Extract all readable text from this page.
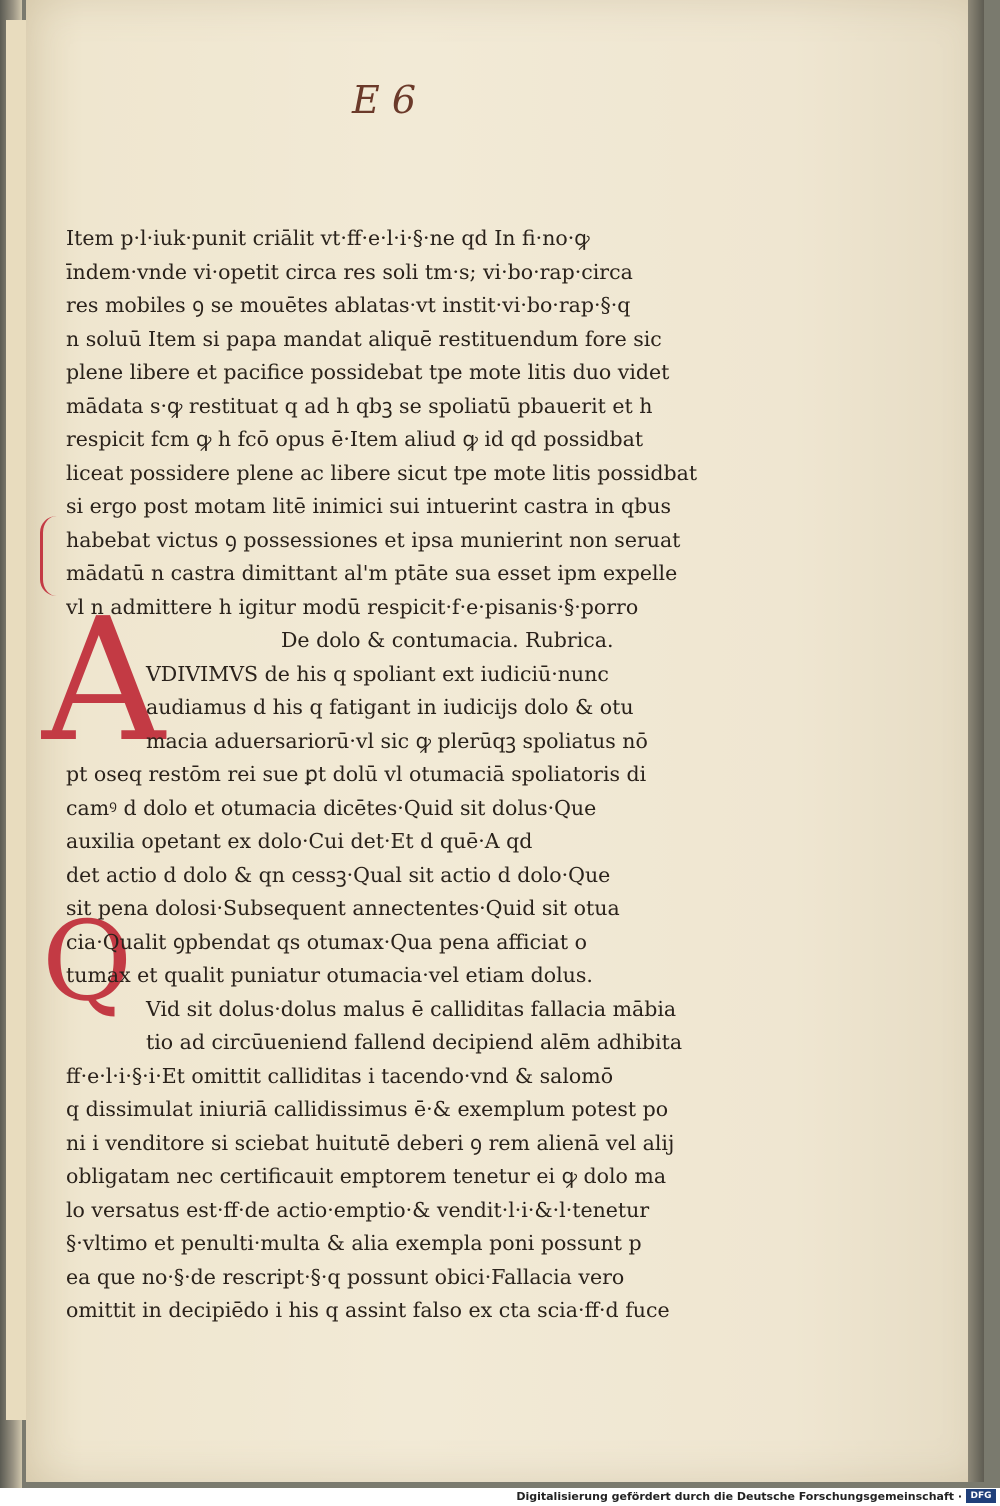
E 6
A
Q
Item p·l·iuk·punit criālit vt·ff·e·l·i·§·ne qd In fi·no·ꝙ
īndem·vnde vi·opetit circa res soli tm·s; vi·bo·rap·circa
res mobiles ꝯ se mouētes ablatas·vt instit·vi·bo·rap·§·q
n soluū Item si papa mandat aliquē restituendum fore sic
plene libere et pacifice possidebat tpe mote litis duo videt
mādata s·ꝙ restituat q ad h qbꝫ se spoliatū pbauerit et h
respicit fcm ꝙ h fcō opus ē·Item aliud ꝙ id qd possidbat
liceat possidere plene ac libere sicut tpe mote litis possidbat
si ergo post motam litē inimici sui intuerint castra in qbus
habebat victus ꝯ possessiones et ipsa munierint non seruat
mādatū n castra dimittant al'm ptāte sua esset ipm expelle
vl n admittere h igitur modū respicit·f·e·pisanis·§·porro
De dolo & contumacia. Rubrica.
VDIVIMVS de his q spoliant ext iudiciū·nunc
audiamus d his q fatigant in iudicijs dolo & otu
macia aduersariorū·vl sic ꝙ plerūqꝫ spoliatus nō
pt oseq restōm rei sue ꝑt dolū vl otumaciā spoliatoris di
camꝰ d dolo et otumacia dicētes·Quid sit dolus·Que
auxilia opetant ex dolo·Cui det·Et d quē·A qd
det actio d dolo & qn cessꝫ·Qual sit actio d dolo·Que
sit pena dolosi·Subsequent annectentes·Quid sit otua
cia·Qualit ꝯpbendat qs otumax·Qua pena afficiat o
tumax et qualit puniatur otumacia·vel etiam dolus.
Vid sit dolus·dolus malus ē calliditas fallacia mābia
tio ad circūueniend fallend decipiend alēm adhibita
ff·e·l·i·§·i·Et omittit calliditas i tacendo·vnd & salomō
q dissimulat iniuriā callidissimus ē·& exemplum potest po
ni i venditore si sciebat huitutē deberi ꝯ rem alienā vel alij
obligatam nec certificauit emptorem tenetur ei ꝙ dolo ma
lo versatus est·ff·de actio·emptio·& vendit·l·i·&·l·tenetur
§·vltimo et penulti·multa & alia exempla poni possunt p
ea que no·§·de rescript·§·q possunt obici·Fallacia vero
omittit in decipiēdo i his q assint falso ex cta scia·ff·d fuce
Digitalisierung gefördert durch die Deutsche Forschungsgemeinschaft · DFG
